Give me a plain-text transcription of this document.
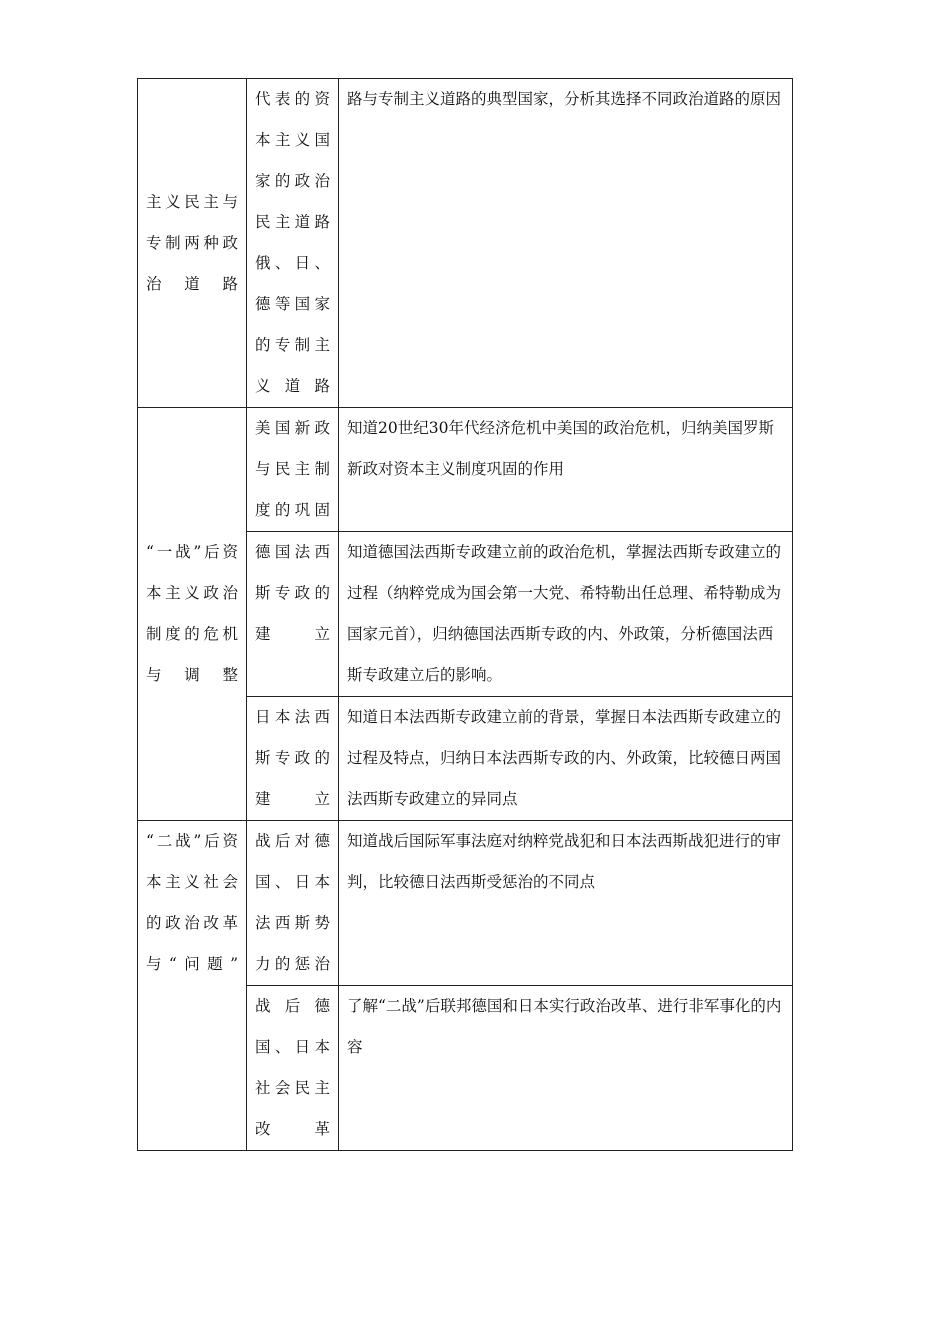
主义民主与专制两种政治道路	代表的资本主义国家的政治民主道路俄、日、德等国家的专制主义道路	路与专制主义道路的典型国家，分析其选择不同政治道路的原因

“一战”后资本主义政治制度的危机与调整	美国新政与民主制度的巩固	知道20世纪30年代经济危机中美国的政治危机，归纳美国罗斯新政对资本主义制度巩固的作用

	德国法西斯专政的建立	知道德国法西斯专政建立前的政治危机，掌握法西斯专政建立的过程（纳粹党成为国会第一大党、希特勒出任总理、希特勒成为国家元首），归纳德国法西斯专政的内、外政策，分析德国法西斯专政建立后的影响。

	日本法西斯专政的建立	知道日本法西斯专政建立前的背景，掌握日本法西斯专政建立的过程及特点，归纳日本法西斯专政的内、外政策，比较德日两国法西斯专政建立的异同点

“二战”后资本主义社会的政治改革与“问题”	战后对德国、日本法西斯势力的惩治	知道战后国际军事法庭对纳粹党战犯和日本法西斯战犯进行的审判，比较德日法西斯受惩治的不同点

	战后德国、日本社会民主改革	了解“二战”后联邦德国和日本实行政治改革、进行非军事化的内容
